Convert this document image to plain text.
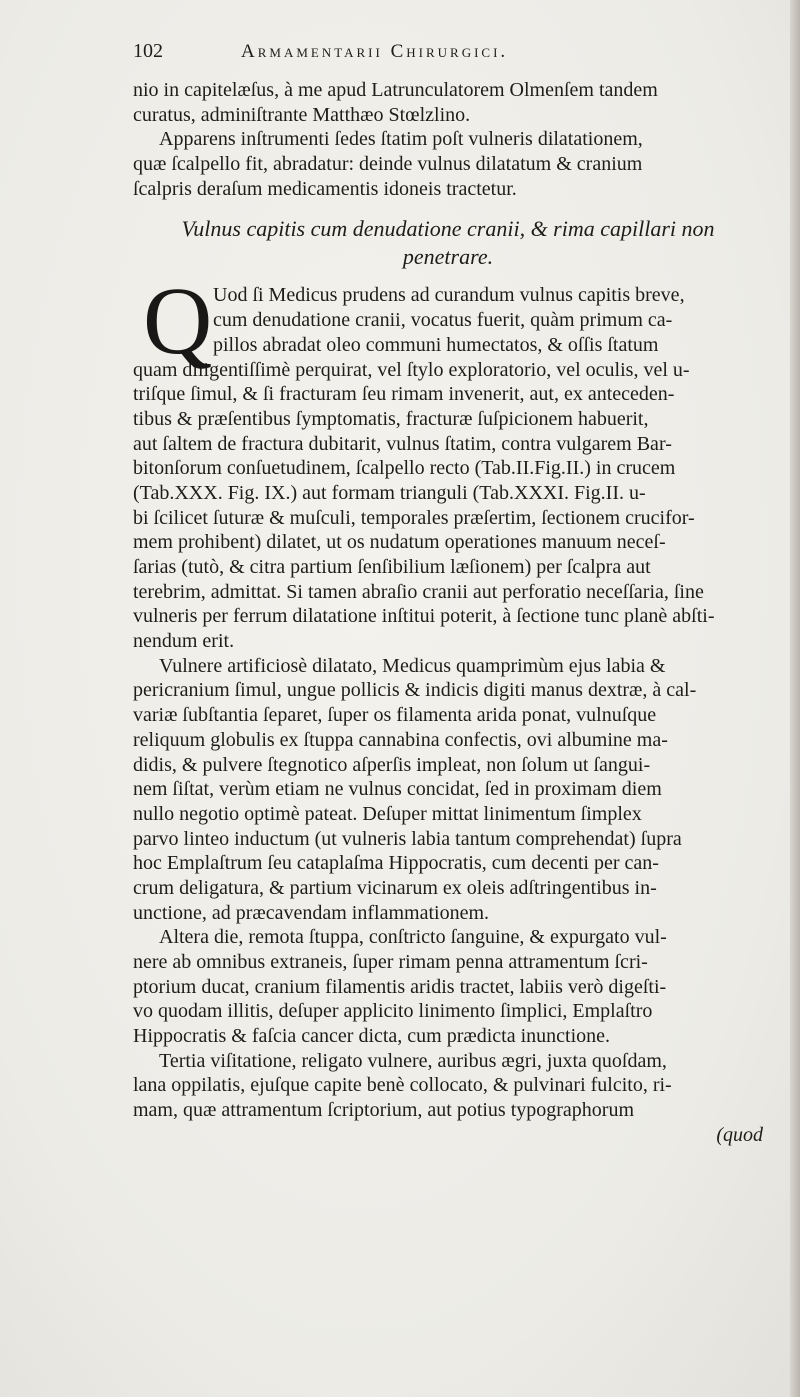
102	Armamentarii Chirurgici.
nio in capitelæſus, à me apud Latrunculatorem Olmenſem tandem
curatus, adminiſtrante Matthæo Stœlzlino.
Apparens inſtrumenti ſedes ſtatim poſt vulneris dilatationem,
quæ ſcalpello fit, abradatur: deinde vulnus dilatatum & cranium
ſcalpris deraſum medicamentis idoneis tractetur.
Vulnus capitis cum denudatione cranii, & rima capillari non
penetrare.
Q Uod ſi Medicus prudens ad curandum vulnus capitis breve,
cum denudatione cranii, vocatus fuerit, quàm primum ca-
pillos abradat oleo communi humectatos, & oſſis ſtatum
quam diligentiſſimè perquirat, vel ſtylo exploratorio, vel oculis, vel u-
triſque ſimul, & ſi fracturam ſeu rimam invenerit, aut, ex anteceden-
tibus & præſentibus ſymptomatis, fracturæ ſuſpicionem habuerit,
aut ſaltem de fractura dubitarit, vulnus ſtatim, contra vulgarem Bar-
bitonſorum conſuetudinem, ſcalpello recto (Tab.II.Fig.II.) in crucem
(Tab.XXX. Fig. IX.) aut formam trianguli (Tab.XXXI. Fig.II. u-
bi ſcilicet ſuturæ & muſculi, temporales præſertim, ſectionem crucifor-
mem prohibent) dilatet, ut os nudatum operationes manuum neceſ-
ſarias (tutò, & citra partium ſenſibilium læſionem) per ſcalpra aut
terebrim, admittat. Si tamen abraſio cranii aut perforatio neceſſaria, ſine
vulneris per ferrum dilatatione inſtitui poterit, à ſectione tunc planè abſti-
nendum erit.
Vulnere artificiosè dilatato, Medicus quamprimùm ejus labia &
pericranium ſimul, ungue pollicis & indicis digiti manus dextræ, à cal-
variæ ſubſtantia ſeparet, ſuper os filamenta arida ponat, vulnuſque
reliquum globulis ex ſtuppa cannabina confectis, ovi albumine ma-
didis, & pulvere ſtegnotico aſperſis impleat, non ſolum ut ſangui-
nem ſiſtat, verùm etiam ne vulnus concidat, ſed in proximam diem
nullo negotio optimè pateat. Deſuper mittat linimentum ſimplex
parvo linteo inductum (ut vulneris labia tantum comprehendat) ſupra
hoc Emplaſtrum ſeu cataplaſma Hippocratis, cum decenti per can-
crum deligatura, & partium vicinarum ex oleis adſtringentibus in-
unctione, ad præcavendam inflammationem.
Altera die, remota ſtuppa, conſtricto ſanguine, & expurgato vul-
nere ab omnibus extraneis, ſuper rimam penna attramentum ſcri-
ptorium ducat, cranium filamentis aridis tractet, labiis verò digeſti-
vo quodam illitis, deſuper applicito linimento ſimplici, Emplaſtro
Hippocratis & faſcia cancer dicta, cum prædicta inunctione.
Tertia viſitatione, religato vulnere, auribus ægri, juxta quoſdam,
lana oppilatis, ejuſque capite benè collocato, & pulvinari fulcito, ri-
mam, quæ attramentum ſcriptorium, aut potius typographorum
(quod
